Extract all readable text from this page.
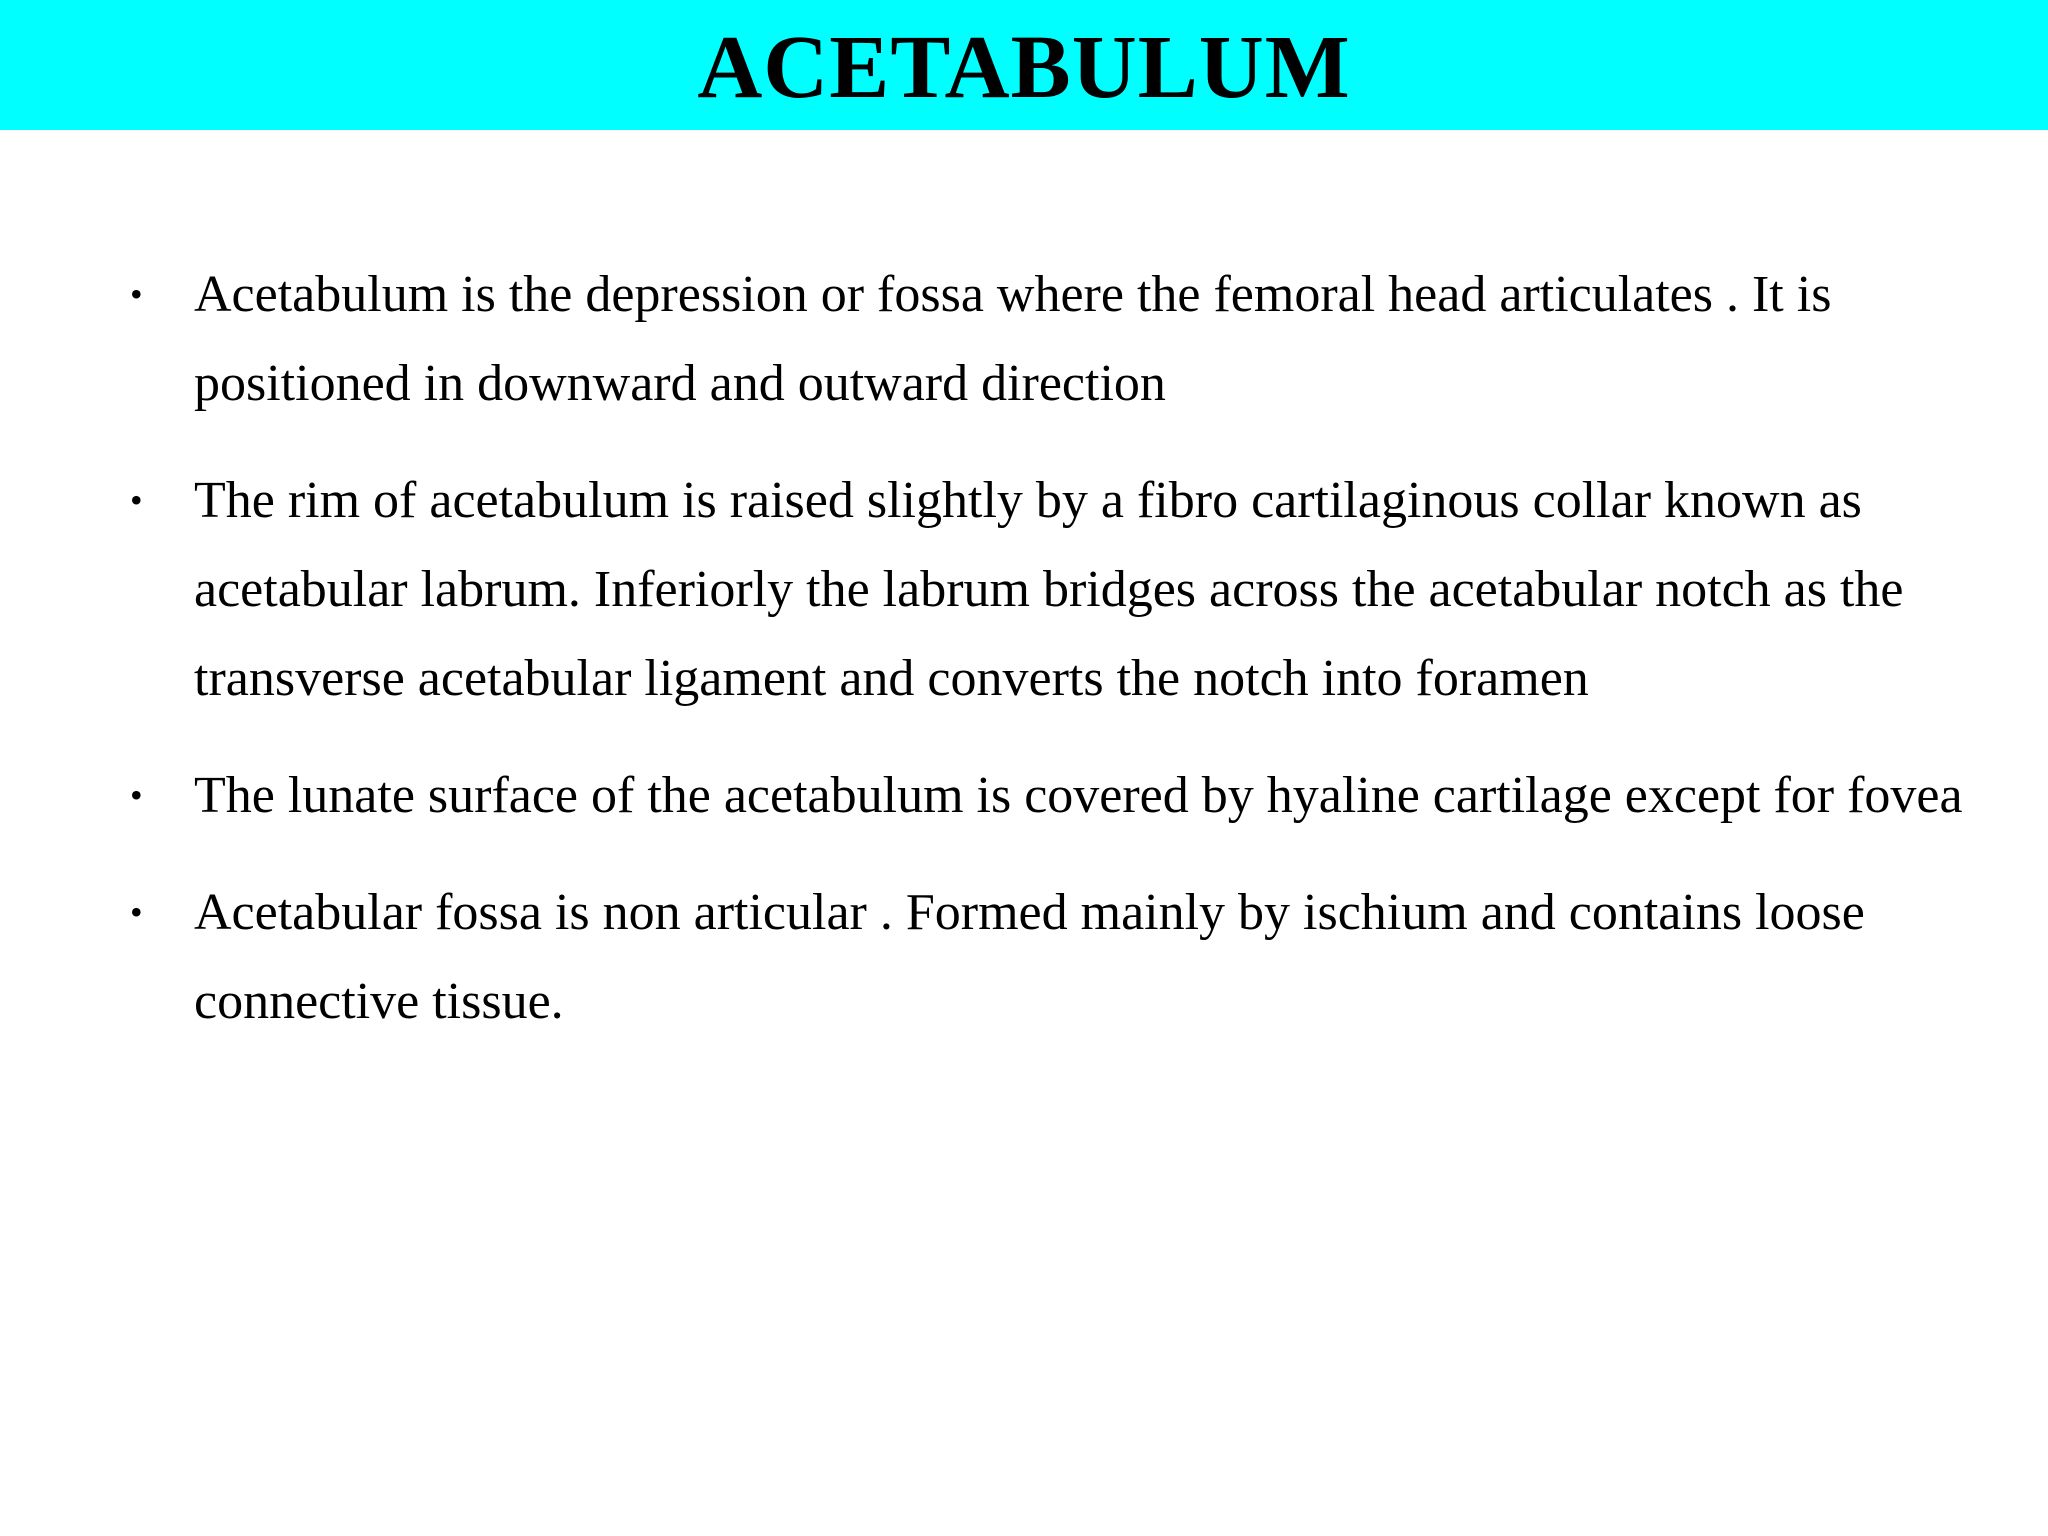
ACETABULUM
• Acetabulum is the depression or fossa where the femoral head articulates . It is positioned in downward and outward direction
• The rim of acetabulum is raised slightly by a fibro cartilaginous collar known as acetabular labrum. Inferiorly the labrum bridges across the acetabular notch as the transverse acetabular ligament and converts the notch into foramen
• The lunate surface of the acetabulum is covered by hyaline cartilage except for fovea
• Acetabular fossa is non articular . Formed mainly by ischium and contains loose connective tissue.
